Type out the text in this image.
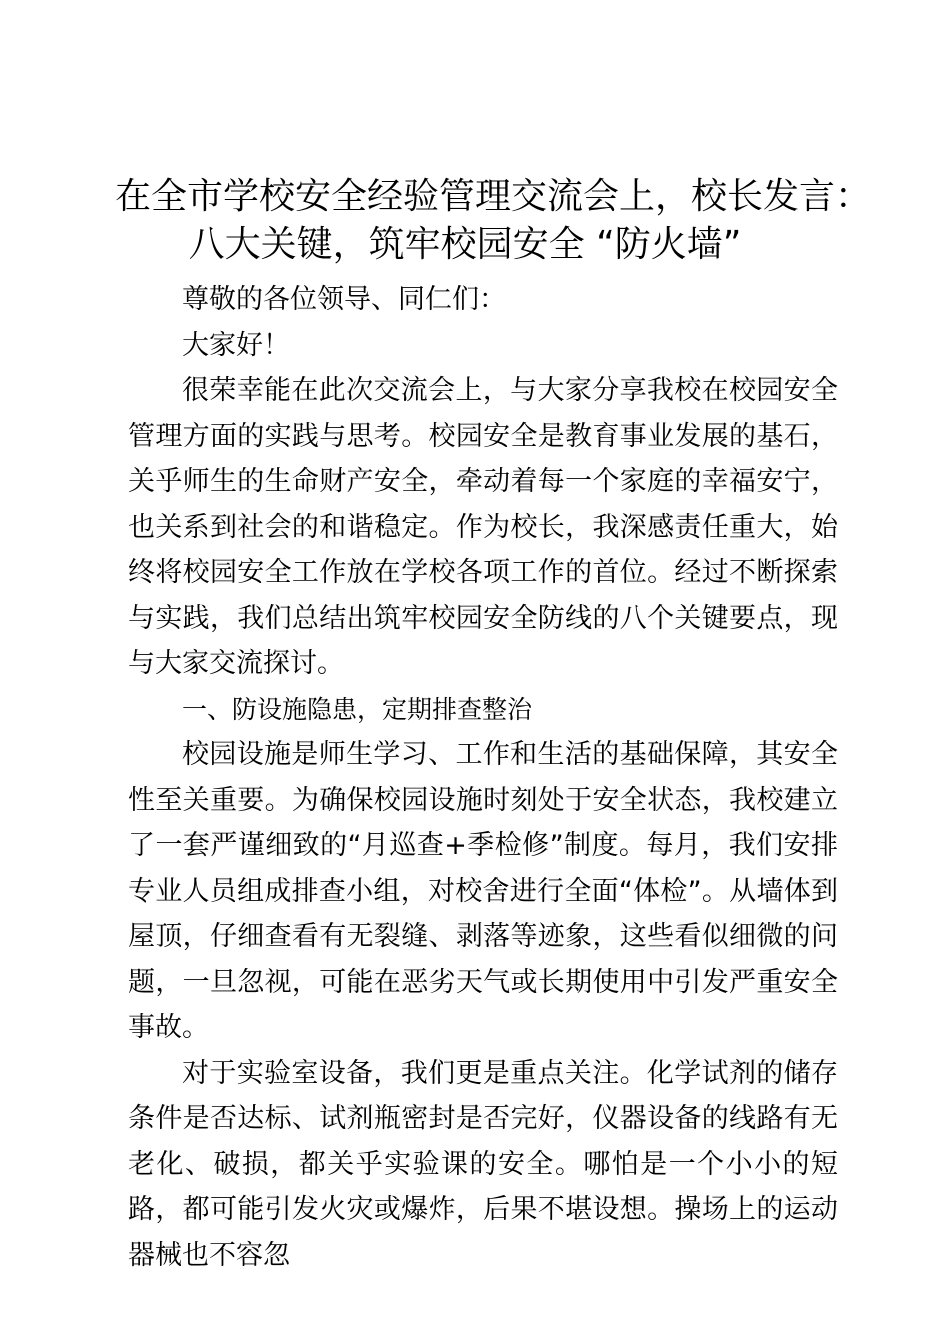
在全市学校安全经验管理交流会上，校长发言：
八大关键，筑牢校园安全 “防火墙”

尊敬的各位领导、同仁们：

大家好！

很荣幸能在此次交流会上，与大家分享我校在校园安全管理方面的实践与思考。校园安全是教育事业发展的基石，关乎师生的生命财产安全，牵动着每一个家庭的幸福安宁，也关系到社会的和谐稳定。作为校长，我深感责任重大，始终将校园安全工作放在学校各项工作的首位。经过不断探索与实践，我们总结出筑牢校园安全防线的八个关键要点，现与大家交流探讨。

一、防设施隐患，定期排查整治

校园设施是师生学习、工作和生活的基础保障，其安全性至关重要。为确保校园设施时刻处于安全状态，我校建立了一套严谨细致的“月巡查+季检修”制度。每月，我们安排专业人员组成排查小组，对校舍进行全面“体检”。从墙体到屋顶，仔细查看有无裂缝、剥落等迹象，这些看似细微的问题，一旦忽视，可能在恶劣天气或长期使用中引发严重安全事故。

对于实验室设备，我们更是重点关注。化学试剂的储存条件是否达标、试剂瓶密封是否完好，仪器设备的线路有无老化、破损，都关乎实验课的安全。哪怕是一个小小的短路，都可能引发火灾或爆炸，后果不堪设想。操场上的运动器械也不容忽
